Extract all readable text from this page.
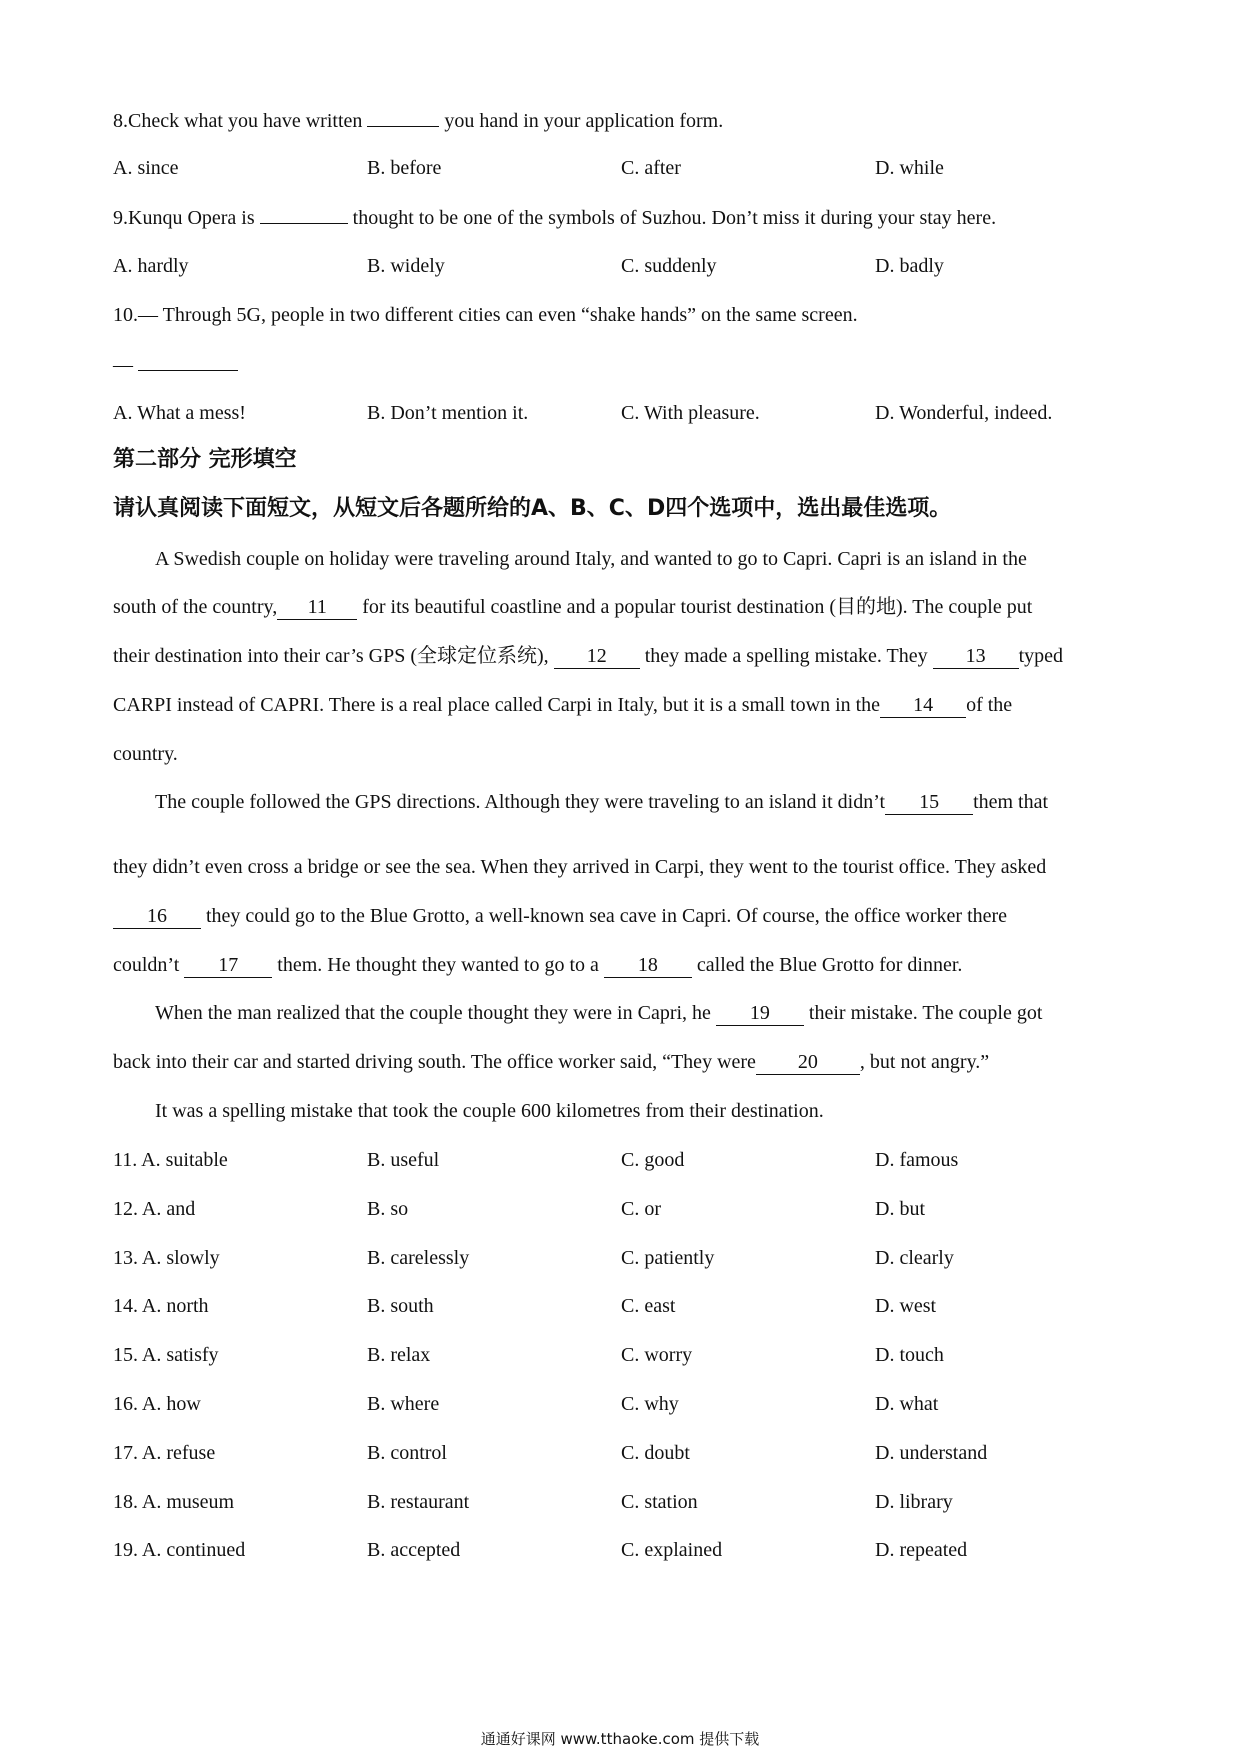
8.Check what you have written	you hand in your application form.
A. since	B. before	C. after	D. while
9.Kunqu Opera is	thought to be one of the symbols of Suzhou. Don’t miss it during your stay here.
A. hardly	B. widely	C. suddenly	D. badly
10.— Through 5G, people in two different cities can even “shake hands” on the same screen.
—
A. What a mess!	B. Don’t mention it.	C. With pleasure.	D. Wonderful, indeed.
第二部分 完形填空
请认真阅读下面短文，从短文后各题所给的A、B、C、D四个选项中，选出最佳选项。
A Swedish couple on holiday were traveling around Italy, and wanted to go to Capri. Capri is an island in the
south of the country, 11 for its beautiful coastline and a popular tourist destination (目的地). The couple put
their destination into their car’s GPS (全球定位系统), 12 they made a spelling mistake. They 13 typed
CARPI instead of CAPRI. There is a real place called Carpi in Italy, but it is a small town in the 14 of the
country.
The couple followed the GPS directions. Although they were traveling to an island it didn’t 15 them that
they didn’t even cross a bridge or see the sea. When they arrived in Carpi, they went to the tourist office. They asked
16 they could go to the Blue Grotto, a well-known sea cave in Capri. Of course, the office worker there
couldn’t 17 them. He thought they wanted to go to a 18 called the Blue Grotto for dinner.
When the man realized that the couple thought they were in Capri, he 19 their mistake. The couple got
back into their car and started driving south. The office worker said, “They were 20 , but not angry.”
It was a spelling mistake that took the couple 600 kilometres from their destination.
11. A. suitable	B. useful	C. good	D. famous
12. A. and	B. so	C. or	D. but
13. A. slowly	B. carelessly	C. patiently	D. clearly
14. A. north	B. south	C. east	D. west
15. A. satisfy	B. relax	C. worry	D. touch
16. A. how	B. where	C. why	D. what
17. A. refuse	B. control	C. doubt	D. understand
18. A. museum	B. restaurant	C. station	D. library
19. A. continued	B. accepted	C. explained	D. repeated
通通好课网 www.tthaoke.com 提供下载
